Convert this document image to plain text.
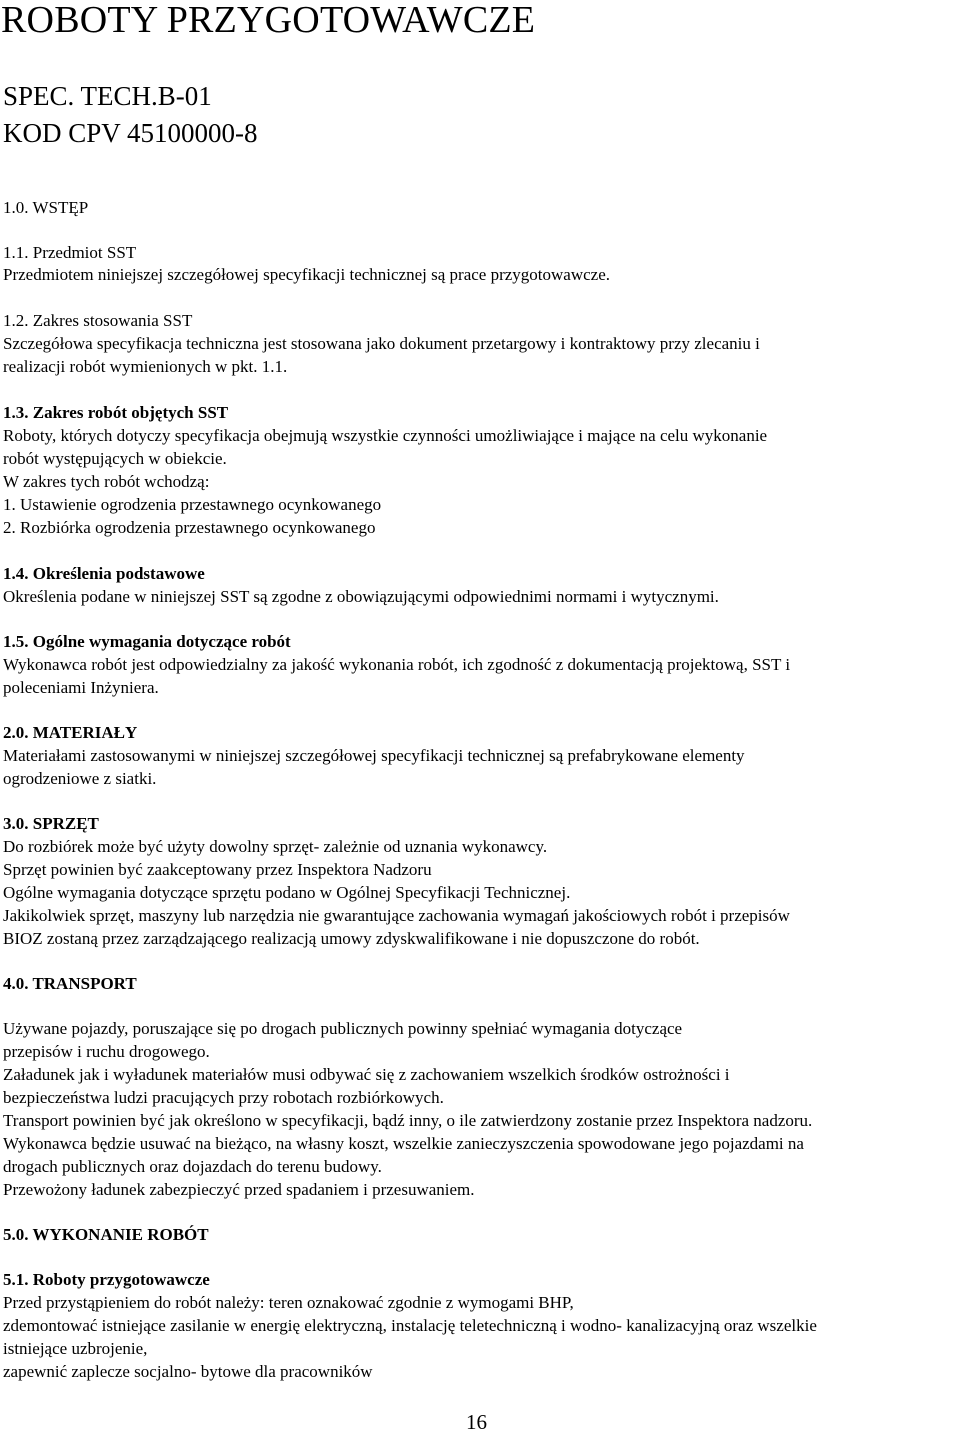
ROBOTY PRZYGOTOWAWCZE
SPEC. TECH.B-01
KOD CPV 45100000-8
1.0. WSTĘP
1.1. Przedmiot SST
Przedmiotem niniejszej szczegółowej specyfikacji technicznej są prace przygotowawcze.
1.2. Zakres stosowania SST
Szczegółowa specyfikacja techniczna jest stosowana jako dokument przetargowy i kontraktowy przy zlecaniu i
realizacji robót wymienionych w pkt. 1.1.
1.3. Zakres robót objętych SST
Roboty, których dotyczy specyfikacja obejmują wszystkie czynności umożliwiające i mające na celu wykonanie
robót występujących w obiekcie.
W zakres tych robót wchodzą:
1. Ustawienie ogrodzenia przestawnego ocynkowanego
2. Rozbiórka ogrodzenia przestawnego ocynkowanego
1.4. Określenia podstawowe
Określenia podane w niniejszej SST są zgodne z obowiązującymi odpowiednimi normami i wytycznymi.
1.5. Ogólne wymagania dotyczące robót
Wykonawca robót jest odpowiedzialny za jakość wykonania robót, ich zgodność z dokumentacją projektową, SST i
poleceniami Inżyniera.
2.0. MATERIAŁY
Materiałami zastosowanymi w niniejszej szczegółowej specyfikacji technicznej są prefabrykowane elementy
ogrodzeniowe z siatki.
3.0. SPRZĘT
Do rozbiórek może być użyty dowolny sprzęt- zależnie od uznania wykonawcy.
Sprzęt powinien być zaakceptowany przez Inspektora Nadzoru
Ogólne wymagania dotyczące sprzętu podano w Ogólnej Specyfikacji Technicznej.
Jakikolwiek sprzęt, maszyny lub narzędzia nie gwarantujące zachowania wymagań jakościowych robót i przepisów
BIOZ zostaną przez zarządzającego realizacją umowy zdyskwalifikowane i nie dopuszczone do robót.
4.0. TRANSPORT
Używane pojazdy, poruszające się po drogach publicznych powinny spełniać wymagania dotyczące
przepisów i ruchu drogowego.
Załadunek jak i wyładunek materiałów musi odbywać się z zachowaniem wszelkich środków ostrożności i
bezpieczeństwa ludzi pracujących przy robotach rozbiórkowych.
Transport powinien być jak określono w specyfikacji, bądź inny, o ile zatwierdzony zostanie przez Inspektora nadzoru.
Wykonawca będzie usuwać na bieżąco, na własny koszt, wszelkie zanieczyszczenia spowodowane jego pojazdami na
drogach publicznych oraz dojazdach do terenu budowy.
Przewożony ładunek zabezpieczyć przed spadaniem i przesuwaniem.
5.0. WYKONANIE ROBÓT
5.1. Roboty przygotowawcze
Przed przystąpieniem do robót należy: teren oznakować zgodnie z wymogami BHP,
zdemontować istniejące zasilanie w energię elektryczną, instalację teletechniczną i wodno- kanalizacyjną oraz wszelkie
istniejące uzbrojenie,
zapewnić zaplecze socjalno- bytowe dla pracowników
16
